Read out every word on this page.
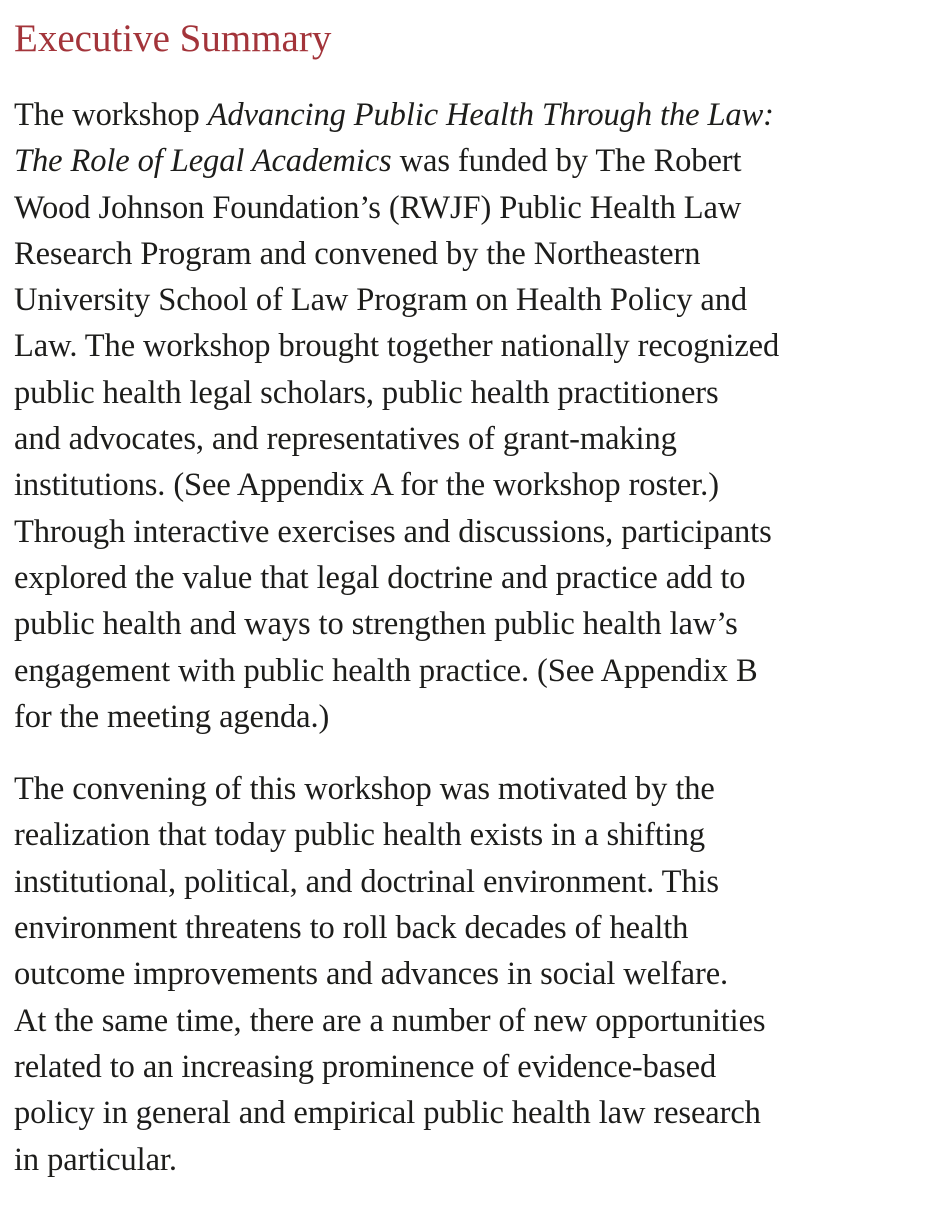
Executive Summary

The workshop Advancing Public Health Through the Law:
The Role of Legal Academics was funded by The Robert
Wood Johnson Foundation’s (RWJF) Public Health Law
Research Program and convened by the Northeastern
University School of Law Program on Health Policy and
Law. The workshop brought together nationally recognized
public health legal scholars, public health practitioners
and advocates, and representatives of grant-making
institutions. (See Appendix A for the workshop roster.)
Through interactive exercises and discussions, participants
explored the value that legal doctrine and practice add to
public health and ways to strengthen public health law’s
engagement with public health practice. (See Appendix B
for the meeting agenda.)

The convening of this workshop was motivated by the
realization that today public health exists in a shifting
institutional, political, and doctrinal environment. This
environment threatens to roll back decades of health
outcome improvements and advances in social welfare.
At the same time, there are a number of new opportunities
related to an increasing prominence of evidence-based
policy in general and empirical public health law research
in particular.
